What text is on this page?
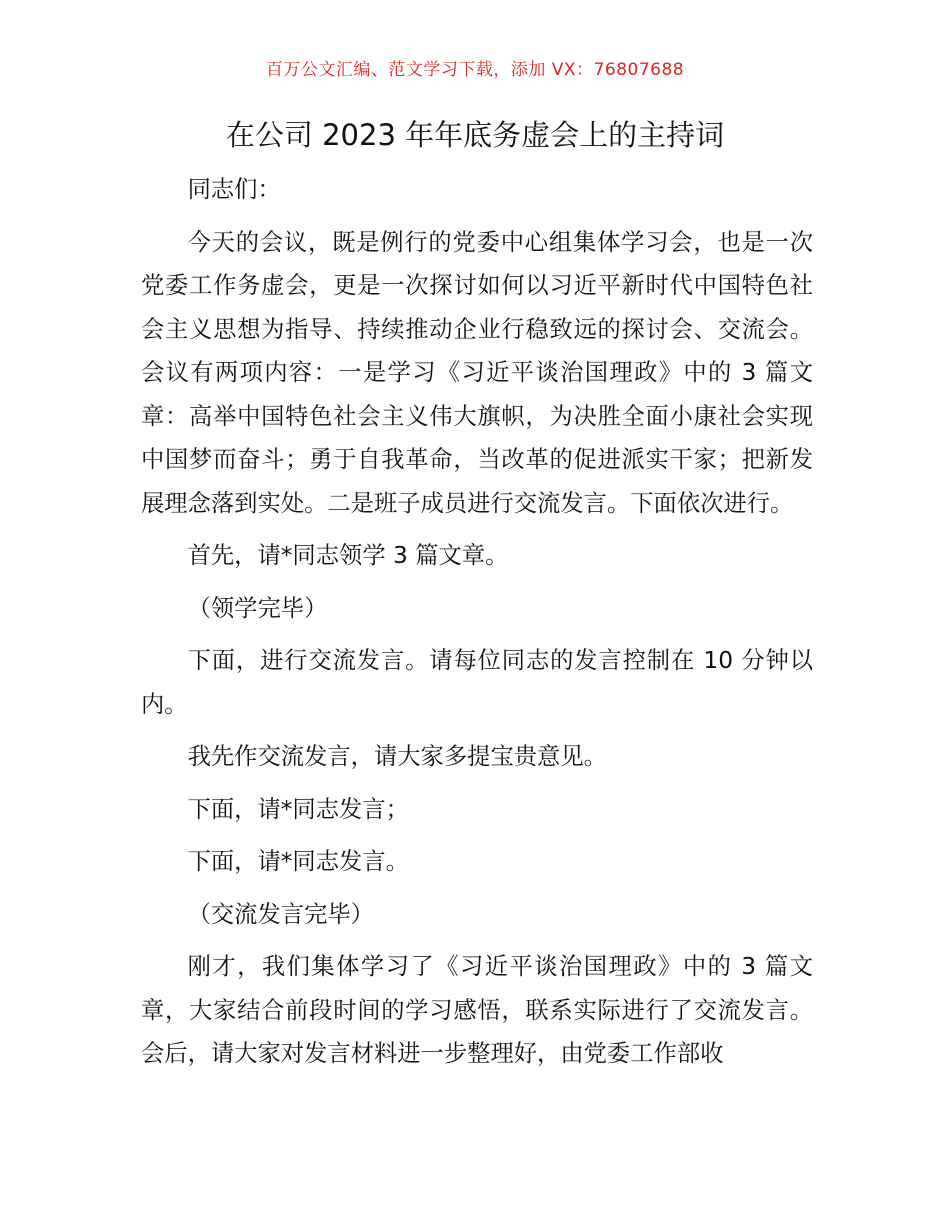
百万公文汇编、范文学习下载，添加 VX：76807688
在公司 2023 年年底务虚会上的主持词

同志们：

今天的会议，既是例行的党委中心组集体学习会，也是一次党委工作务虚会，更是一次探讨如何以习近平新时代中国特色社会主义思想为指导、持续推动企业行稳致远的探讨会、交流会。会议有两项内容：一是学习《习近平谈治国理政》中的 3 篇文章：高举中国特色社会主义伟大旗帜，为决胜全面小康社会实现中国梦而奋斗；勇于自我革命，当改革的促进派实干家；把新发展理念落到实处。二是班子成员进行交流发言。下面依次进行。

首先，请*同志领学 3 篇文章。

（领学完毕）

下面，进行交流发言。请每位同志的发言控制在 10 分钟以内。

我先作交流发言，请大家多提宝贵意见。

下面，请*同志发言；

下面，请*同志发言。

（交流发言完毕）

刚才，我们集体学习了《习近平谈治国理政》中的 3 篇文章，大家结合前段时间的学习感悟，联系实际进行了交流发言。会后，请大家对发言材料进一步整理好，由党委工作部收
